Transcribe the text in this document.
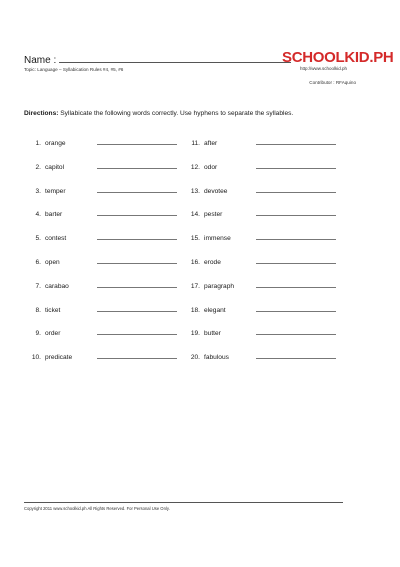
Name :	SCHOOLKID.PH
http://www.schoolkid.ph
Topic: Language – Syllabication Rules #4, #5, #6
Contributor : RFAquino
Directions: Syllabicate the following words correctly. Use hyphens to separate the syllables.
1. orange
2. capitol
3. temper
4. barter
5. contest
6. open
7. carabao
8. ticket
9. order
10. predicate
11. after
12. odor
13. devotee
14. pester
15. immense
16. erode
17. paragraph
18. elegant
19. butter
20. fabulous
Copyright 2011 www.schoolkid.ph All Rights Reserved. For Personal Use Only.
